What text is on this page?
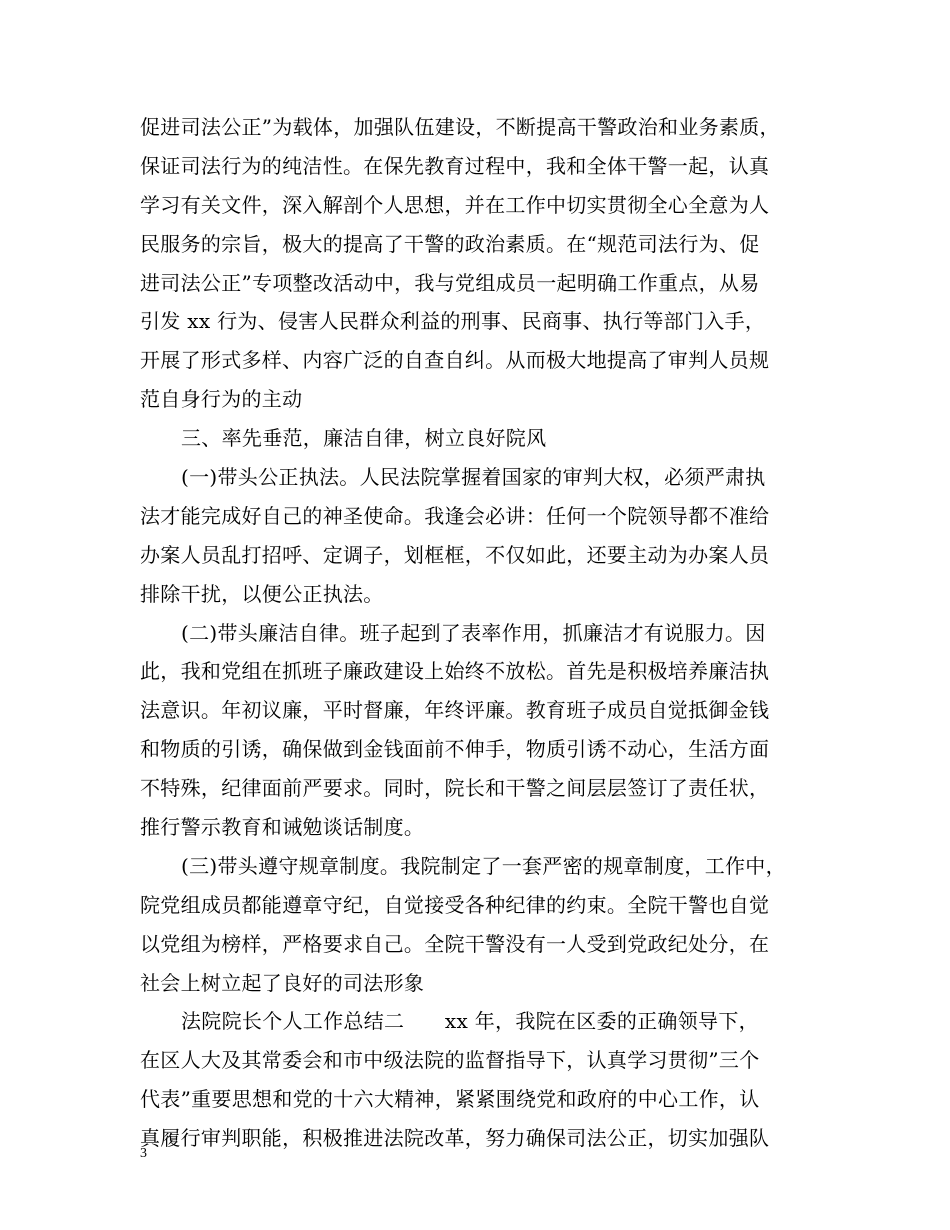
促进司法公正”为载体，加强队伍建设，不断提高干警政治和业务素质，
保证司法行为的纯洁性。在保先教育过程中，我和全体干警一起，认真
学习有关文件，深入解剖个人思想，并在工作中切实贯彻全心全意为人
民服务的宗旨，极大的提高了干警的政治素质。在“规范司法行为、促
进司法公正”专项整改活动中，我与党组成员一起明确工作重点，从易
引发 xx 行为、侵害人民群众利益的刑事、民商事、执行等部门入手，
开展了形式多样、内容广泛的自查自纠。从而极大地提高了审判人员规
范自身行为的主动
三、率先垂范，廉洁自律，树立良好院风
(一)带头公正执法。人民法院掌握着国家的审判大权，必须严肃执
法才能完成好自己的神圣使命。我逢会必讲：任何一个院领导都不准给
办案人员乱打招呼、定调子，划框框，不仅如此，还要主动为办案人员
排除干扰，以便公正执法。
(二)带头廉洁自律。班子起到了表率作用，抓廉洁才有说服力。因
此，我和党组在抓班子廉政建设上始终不放松。首先是积极培养廉洁执
法意识。年初议廉，平时督廉，年终评廉。教育班子成员自觉抵御金钱
和物质的引诱，确保做到金钱面前不伸手，物质引诱不动心，生活方面
不特殊，纪律面前严要求。同时，院长和干警之间层层签订了责任状，
推行警示教育和诫勉谈话制度。
(三)带头遵守规章制度。我院制定了一套严密的规章制度，工作中，
院党组成员都能遵章守纪，自觉接受各种纪律的约束。全院干警也自觉
以党组为榜样，严格要求自己。全院干警没有一人受到党政纪处分，在
社会上树立起了良好的司法形象
法院院长个人工作总结二　　xx 年，我院在区委的正确领导下，
在区人大及其常委会和市中级法院的监督指导下，认真学习贯彻”三个
代表”重要思想和党的十六大精神，紧紧围绕党和政府的中心工作，认
真履行审判职能，积极推进法院改革，努力确保司法公正，切实加强队
3
